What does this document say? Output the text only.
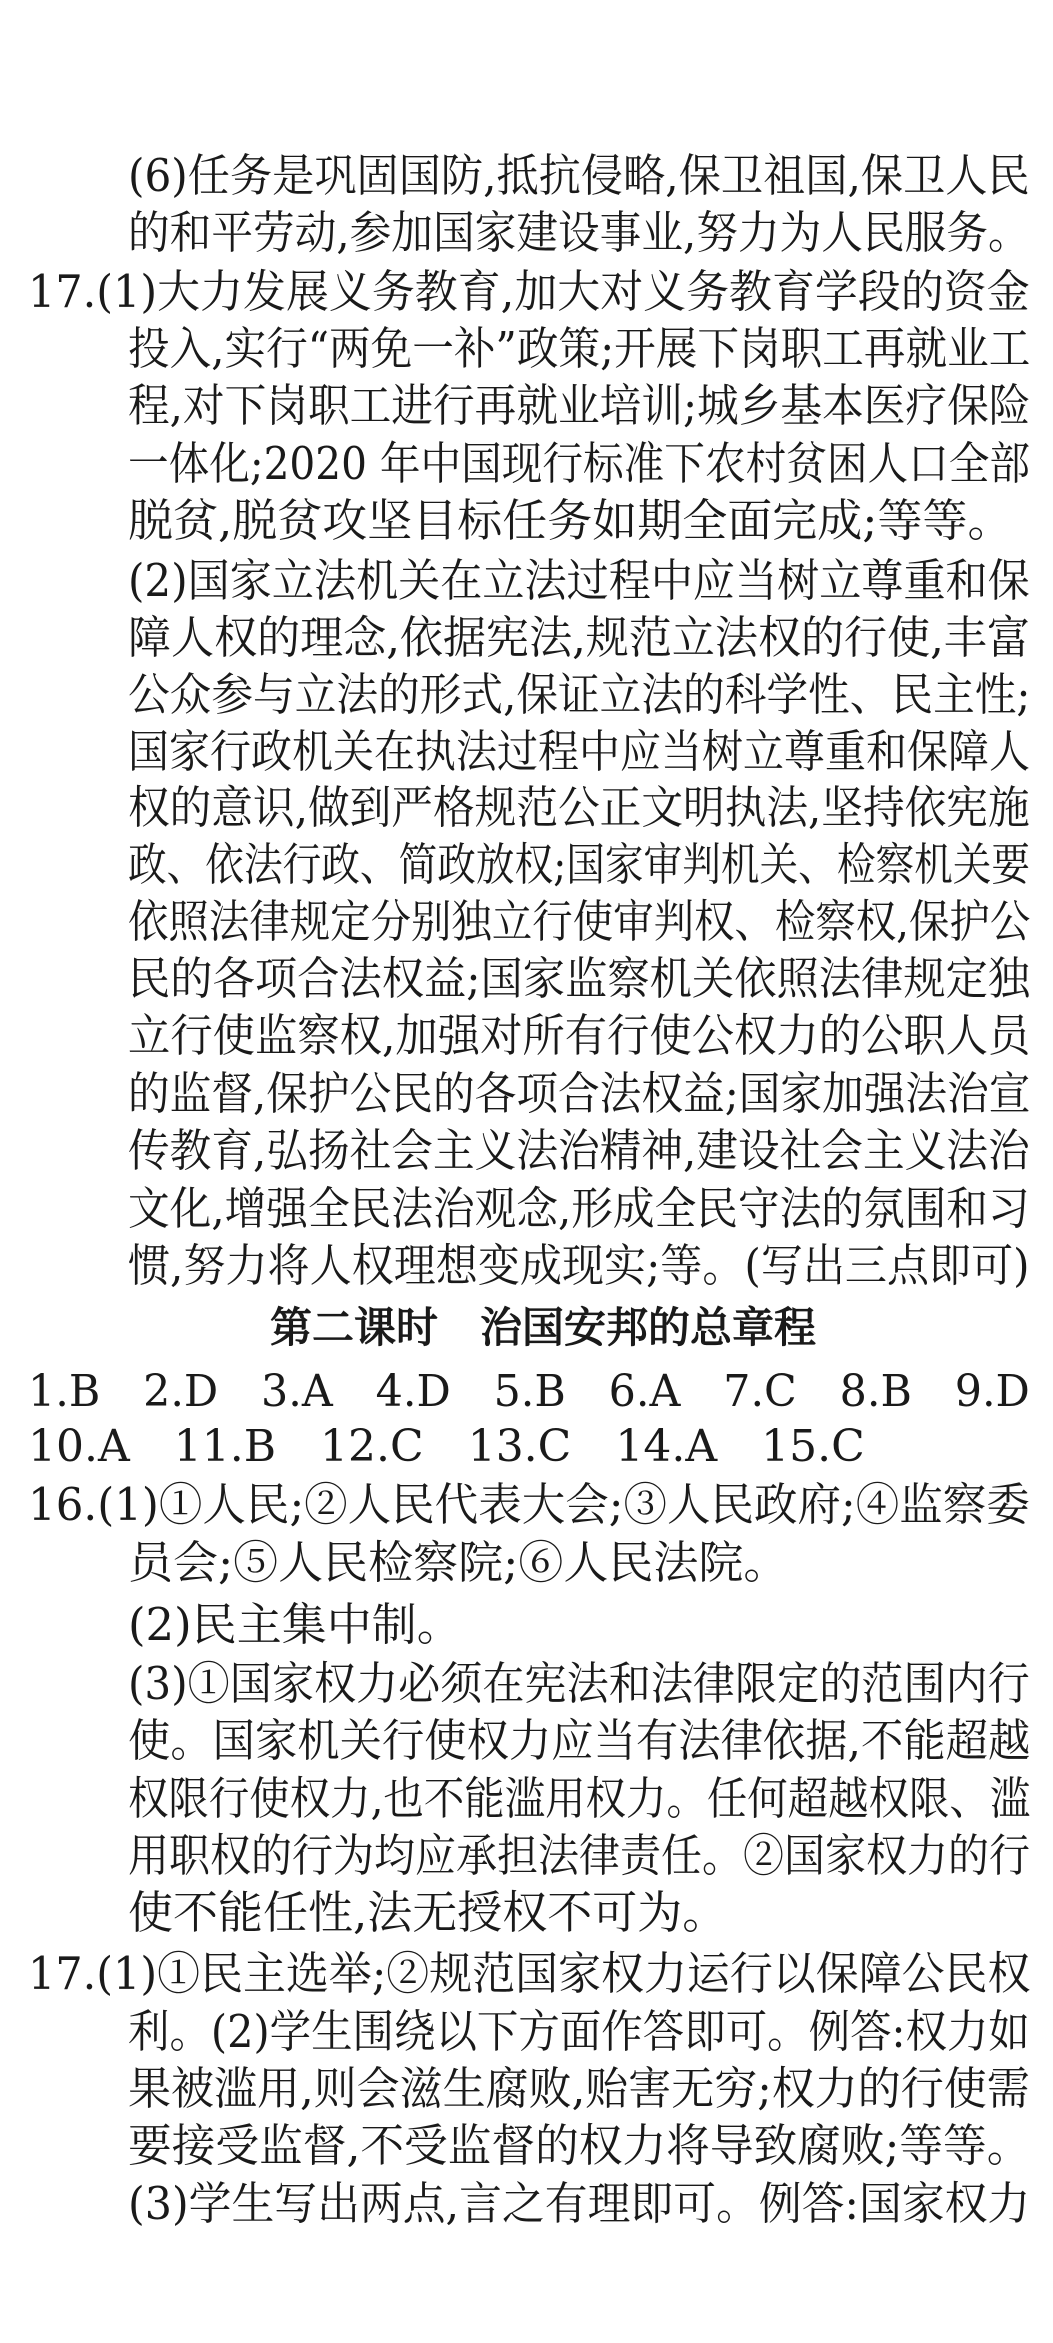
(6)任务是巩固国防,抵抗侵略,保卫祖国,保卫人民
的和平劳动,参加国家建设事业,努力为人民服务。
17.(1)大力发展义务教育,加大对义务教育学段的资金
投入,实行“两免一补”政策;开展下岗职工再就业工
程,对下岗职工进行再就业培训;城乡基本医疗保险
一体化;2020 年中国现行标准下农村贫困人口全部
脱贫,脱贫攻坚目标任务如期全面完成;等等。
(2)国家立法机关在立法过程中应当树立尊重和保
障人权的理念,依据宪法,规范立法权的行使,丰富
公众参与立法的形式,保证立法的科学性、民主性;
国家行政机关在执法过程中应当树立尊重和保障人
权的意识,做到严格规范公正文明执法,坚持依宪施
政、依法行政、简政放权;国家审判机关、检察机关要
依照法律规定分别独立行使审判权、检察权,保护公
民的各项合法权益;国家监察机关依照法律规定独
立行使监察权,加强对所有行使公权力的公职人员
的监督,保护公民的各项合法权益;国家加强法治宣
传教育,弘扬社会主义法治精神,建设社会主义法治
文化,增强全民法治观念,形成全民守法的氛围和习
惯,努力将人权理想变成现实;等。(写出三点即可)
第二课时　治国安邦的总章程
1.B　2.D　3.A　4.D　5.B　6.A　7.C　8.B　9.D
10.A　11.B　12.C　13.C　14.A　15.C
16.(1)①人民;②人民代表大会;③人民政府;④监察委
员会;⑤人民检察院;⑥人民法院。
(2)民主集中制。
(3)①国家权力必须在宪法和法律限定的范围内行
使。国家机关行使权力应当有法律依据,不能超越
权限行使权力,也不能滥用权力。任何超越权限、滥
用职权的行为均应承担法律责任。②国家权力的行
使不能任性,法无授权不可为。
17.(1)①民主选举;②规范国家权力运行以保障公民权
利。(2)学生围绕以下方面作答即可。例答:权力如
果被滥用,则会滋生腐败,贻害无穷;权力的行使需
要接受监督,不受监督的权力将导致腐败;等等。
(3)学生写出两点,言之有理即可。例答:国家权力
